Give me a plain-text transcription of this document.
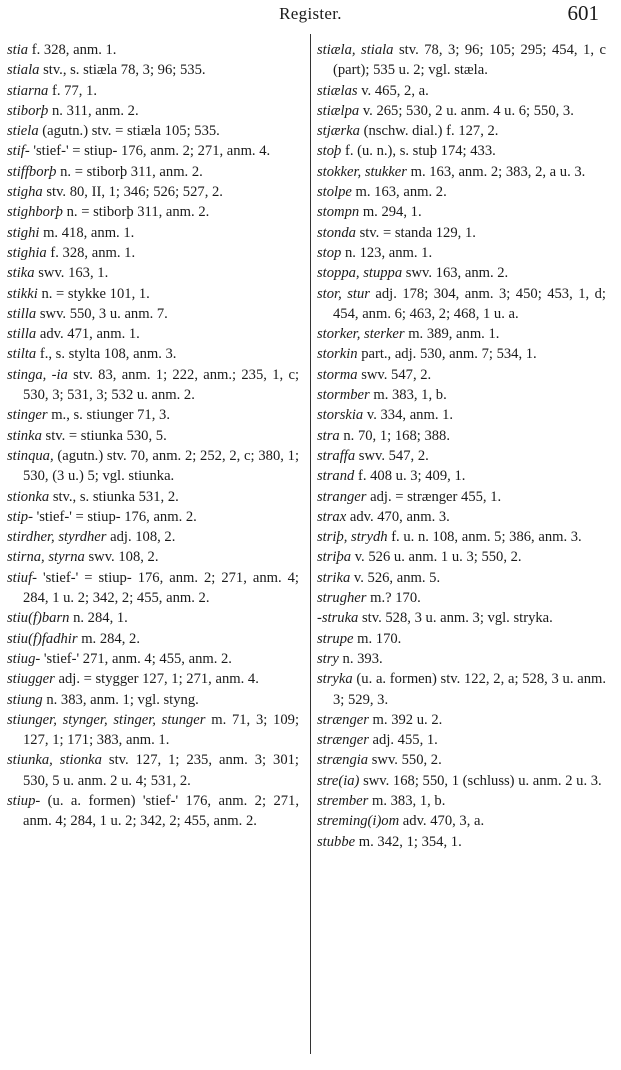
Register.	601

stia f. 328, anm. 1.

stiala stv., s. stiæla 78, 3; 96; 535.

stiarna f. 77, 1.

stiborþ n. 311, anm. 2.

stiela (agutn.) stv. = stiæla 105; 535.

stif- 'stief-' = stiup- 176, anm. 2; 271, anm. 4.

stiffborþ n. = stiborþ 311, anm. 2.

stigha stv. 80, II, 1; 346; 526; 527, 2.

stighborþ n. = stiborþ 311, anm. 2.

stighi m. 418, anm. 1.

stighia f. 328, anm. 1.

stika swv. 163, 1.

stikki n. = stykke 101, 1.

stilla swv. 550, 3 u. anm. 7.

stilla adv. 471, anm. 1.

stilta f., s. stylta 108, anm. 3.

stinga, -ia stv. 83, anm. 1; 222, anm.; 235, 1, c; 530, 3; 531, 3; 532 u. anm. 2.

stinger m., s. stiunger 71, 3.

stinka stv. = stiunka 530, 5.

stinqua, (agutn.) stv. 70, anm. 2; 252, 2, c; 380, 1; 530, (3 u.) 5; vgl. stiunka.

stionka stv., s. stiunka 531, 2.

stip- 'stief-' = stiup- 176, anm. 2.

stirdher, styrdher adj. 108, 2.

stirna, styrna swv. 108, 2.

stiuf- 'stief-' = stiup- 176, anm. 2; 271, anm. 4; 284, 1 u. 2; 342, 2; 455, anm. 2.

stiu(f)barn n. 284, 1.

stiu(f)fadhir m. 284, 2.

stiug- 'stief-' 271, anm. 4; 455, anm. 2.

stiugger adj. = stygger 127, 1; 271, anm. 4.

stiung n. 383, anm. 1; vgl. styng.

stiunger, stynger, stinger, stunger m. 71, 3; 109; 127, 1; 171; 383, anm. 1.

stiunka, stionka stv. 127, 1; 235, anm. 3; 301; 530, 5 u. anm. 2 u. 4; 531, 2.

stiup- (u. a. formen) 'stief-' 176, anm. 2; 271, anm. 4; 284, 1 u. 2; 342, 2; 455, anm. 2.

stiæla, stiala stv. 78, 3; 96; 105; 295; 454, 1, c (part); 535 u. 2; vgl. stæla.

stiælas v. 465, 2, a.

stiælpa v. 265; 530, 2 u. anm. 4 u. 6; 550, 3.

stjærka (nschw. dial.) f. 127, 2.

stoþ f. (u. n.), s. stuþ 174; 433.

stokker, stukker m. 163, anm. 2; 383, 2, a u. 3.

stolpe m. 163, anm. 2.

stompn m. 294, 1.

stonda stv. = standa 129, 1.

stop n. 123, anm. 1.

stoppa, stuppa swv. 163, anm. 2.

stor, stur adj. 178; 304, anm. 3; 450; 453, 1, d; 454, anm. 6; 463, 2; 468, 1 u. a.

storker, sterker m. 389, anm. 1.

storkin part., adj. 530, anm. 7; 534, 1.

storma swv. 547, 2.

stormber m. 383, 1, b.

storskia v. 334, anm. 1.

stra n. 70, 1; 168; 388.

straffa swv. 547, 2.

strand f. 408 u. 3; 409, 1.

stranger adj. = strænger 455, 1.

strax adv. 470, anm. 3.

striþ, strydh f. u. n. 108, anm. 5; 386, anm. 3.

striþa v. 526 u. anm. 1 u. 3; 550, 2.

strika v. 526, anm. 5.

strugher m.? 170.

-struka stv. 528, 3 u. anm. 3; vgl. stryka.

strupe m. 170.

stry n. 393.

stryka (u. a. formen) stv. 122, 2, a; 528, 3 u. anm. 3; 529, 3.

strænger m. 392 u. 2.

strænger adj. 455, 1.

strængia swv. 550, 2.

stre(ia) swv. 168; 550, 1 (schluss) u. anm. 2 u. 3.

strember m. 383, 1, b.

streming(i)om adv. 470, 3, a.

stubbe m. 342, 1; 354, 1.
